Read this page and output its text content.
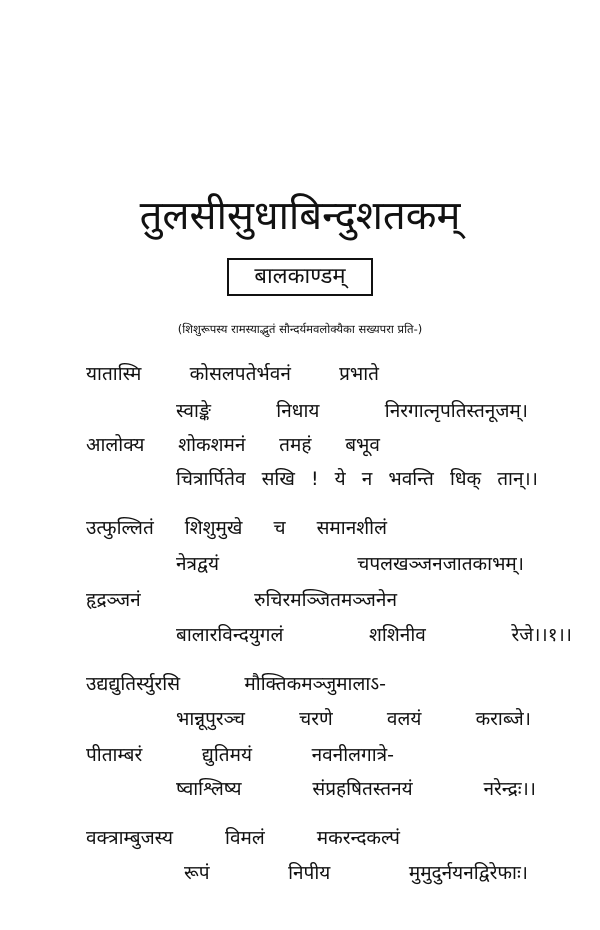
तुलसीसुधाबिन्दुशतकम्
बालकाण्डम्
(शिशुरूपस्य रामस्याद्भुतं सौन्दर्यमवलोक्यैका सख्यपरा प्रति-)
यातास्मि	कोसलपतेर्भवनं	प्रभाते
स्वाङ्के	निधाय	निरगात्नृपतिस्तनूजम्।
आलोक्य शोकशमनं तमहं बभूव
चित्रार्पितेव सखि ! ये न भवन्ति धिक् तान्।।
उत्फुल्लितं शिशुमुखे च समानशीलं
नेत्रद्वयं	चपलखञ्जनजातकाभम्।
हृद्रञ्जनं	रुचिरमञ्जितमञ्जनेन
बालारविन्दयुगलं	शशिनीव	रेजे।।१।।
उद्यद्युतिर्स्युरसि	मौक्तिकमञ्जुमालाऽ-
भान्नूपुरञ्च	चरणे	वलयं	कराब्जे।
पीताम्बरं	द्युतिमयं	नवनीलगात्रे-
ष्वाश्लिष्य	संप्रहषितस्तनयं	नरेन्द्रः।।
वक्त्राम्बुजस्य	विमलं	मकरन्दकल्पं
रूपं	निपीय	मुमुदुर्नयनद्विरेफाः।
